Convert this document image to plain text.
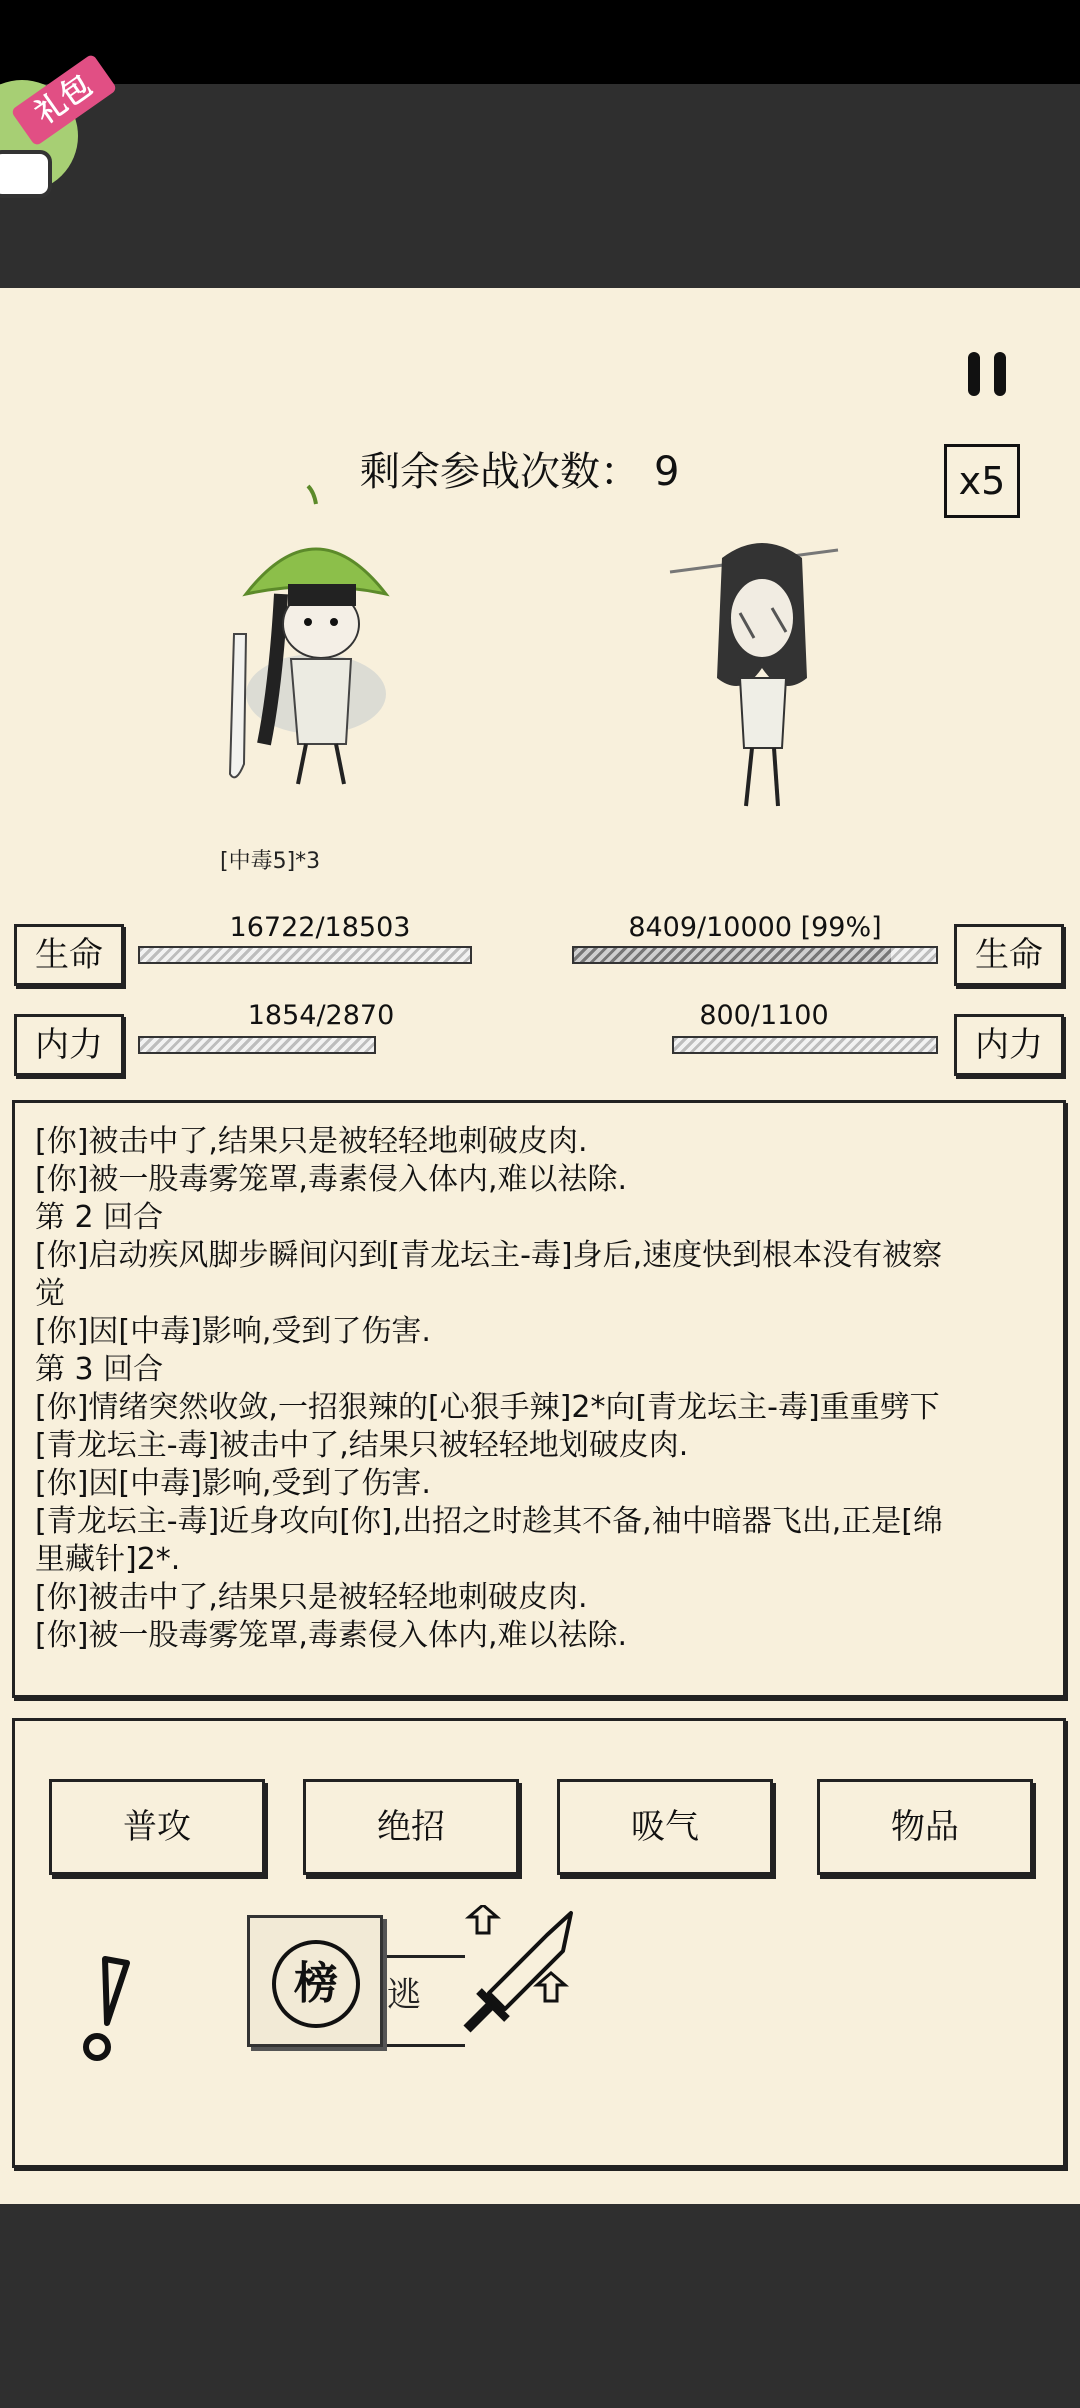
礼包
剩余参战次数： 9	x5
[中毒5]*3
生命
16722/18503	8409/10000 [99%]
生命
内力
1854/2870	800/1100
内力
[你]被击中了,结果只是被轻轻地刺破皮肉.
[你]被一股毒雾笼罩,毒素侵入体内,难以祛除.
第 2 回合
[你]启动疾风脚步瞬间闪到[青龙坛主-毒]身后,速度快到根本没有被察
觉
[你]因[中毒]影响,受到了伤害.
第 3 回合
[你]情绪突然收敛,一招狠辣的[心狠手辣]2*向[青龙坛主-毒]重重劈下
[青龙坛主-毒]被击中了,结果只被轻轻地划破皮肉.
[你]因[中毒]影响,受到了伤害.
[青龙坛主-毒]近身攻向[你],出招之时趁其不备,袖中暗器飞出,正是[绵
里藏针]2*.
[你]被击中了,结果只是被轻轻地刺破皮肉.
[你]被一股毒雾笼罩,毒素侵入体内,难以祛除.
普攻	绝招	吸气	物品
逃
榜
